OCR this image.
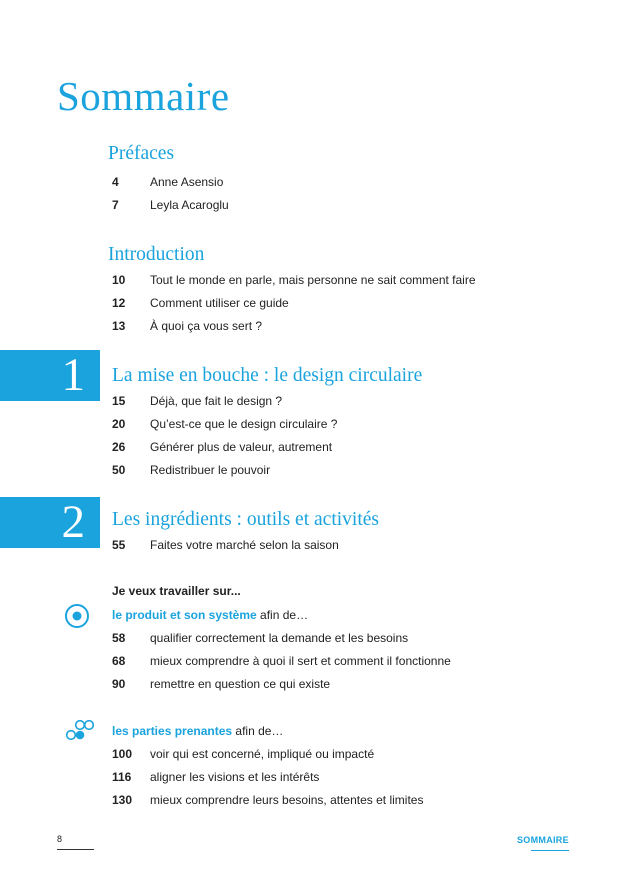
Sommaire
Préfaces
4	Anne Asensio
7	Leyla Acaroglu
Introduction
10	Tout le monde en parle, mais personne ne sait comment faire
12	Comment utiliser ce guide
13	À quoi ça vous sert ?
1	La mise en bouche : le design circulaire
15	Déjà, que fait le design ?
20	Qu’est-ce que le design circulaire ?
26	Générer plus de valeur, autrement
50	Redistribuer le pouvoir
2	Les ingrédients : outils et activités
55	Faites votre marché selon la saison
Je veux travailler sur...
le produit et son système afin de…
58	qualifier correctement la demande et les besoins
68	mieux comprendre à quoi il sert et comment il fonctionne
90	remettre en question ce qui existe
les parties prenantes afin de…
100	voir qui est concerné, impliqué ou impacté
116	aligner les visions et les intérêts
130	mieux comprendre leurs besoins, attentes et limites
8	SOMMAIRE
